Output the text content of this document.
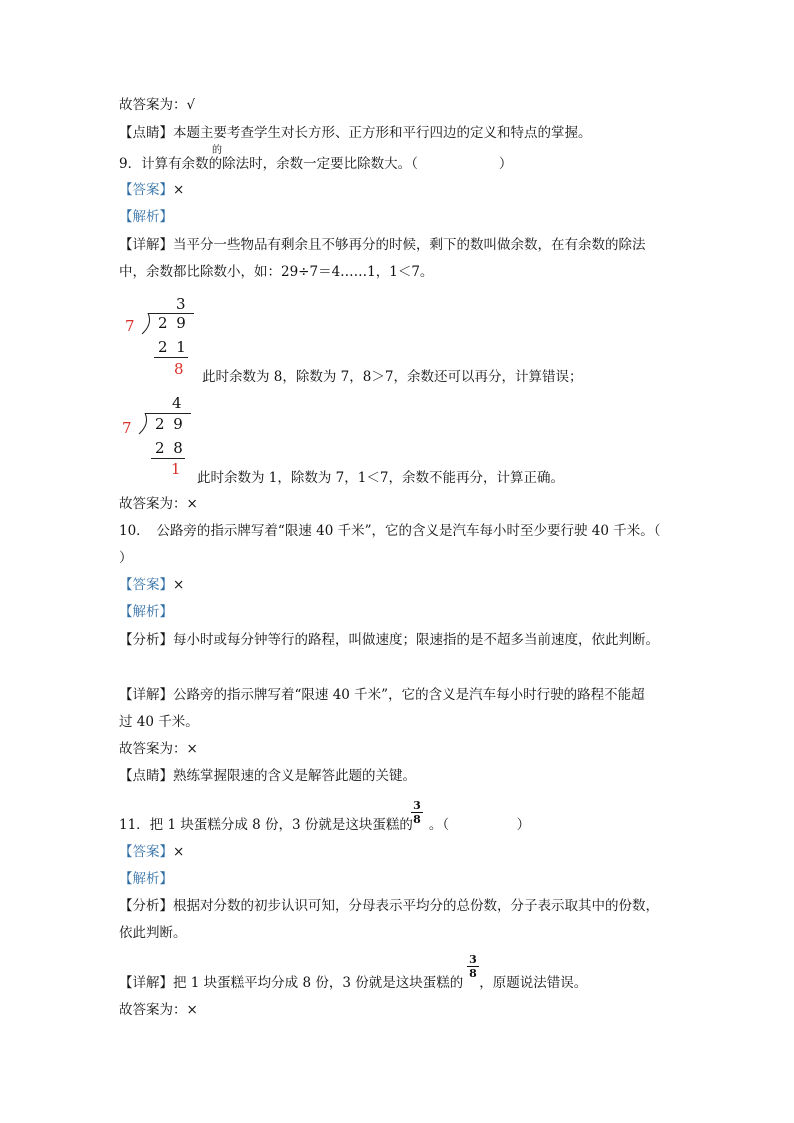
故答案为：√
【点睛】本题主要考查学生对长方形、正方形和平行四边的定义和特点的掌握。
9．计算有余数的除法时，余数一定要比除数大。（　　　　　　）
的
【答案】×
【解析】
【详解】当平分一些物品有剩余且不够再分的时候，剩下的数叫做余数，在有余数的除法
中，余数都比除数小，如：29÷7＝4……1，1＜7。
3
7 2 9
2 1
8 此时余数为 8，除数为 7，8＞7，余数还可以再分，计算错误；
4
7 2 9
2 8
1 此时余数为 1，除数为 7，1＜7，余数不能再分，计算正确。
故答案为：×
10．　公路旁的指示牌写着“限速 40 千米”，它的含义是汽车每小时至少要行驶 40 千米。（
）
【答案】×
【解析】
【分析】每小时或每分钟等行的路程，叫做速度；限速指的是不超多当前速度，依此判断。
【详解】公路旁的指示牌写着“限速 40 千米”，它的含义是汽车每小时行驶的路程不能超
过 40 千米。
故答案为：×
【点睛】熟练掌握限速的含义是解答此题的关键。
11．把 1 块蛋糕分成 8 份，3 份就是这块蛋糕的 。（　　　　　）
3
8
【答案】×
【解析】
【分析】根据对分数的初步认识可知，分母表示平均分的总份数，分子表示取其中的份数，
依此判断。
【详解】把 1 块蛋糕平均分成 8 份，3 份就是这块蛋糕的 ，原题说法错误。
3
8
故答案为：×
